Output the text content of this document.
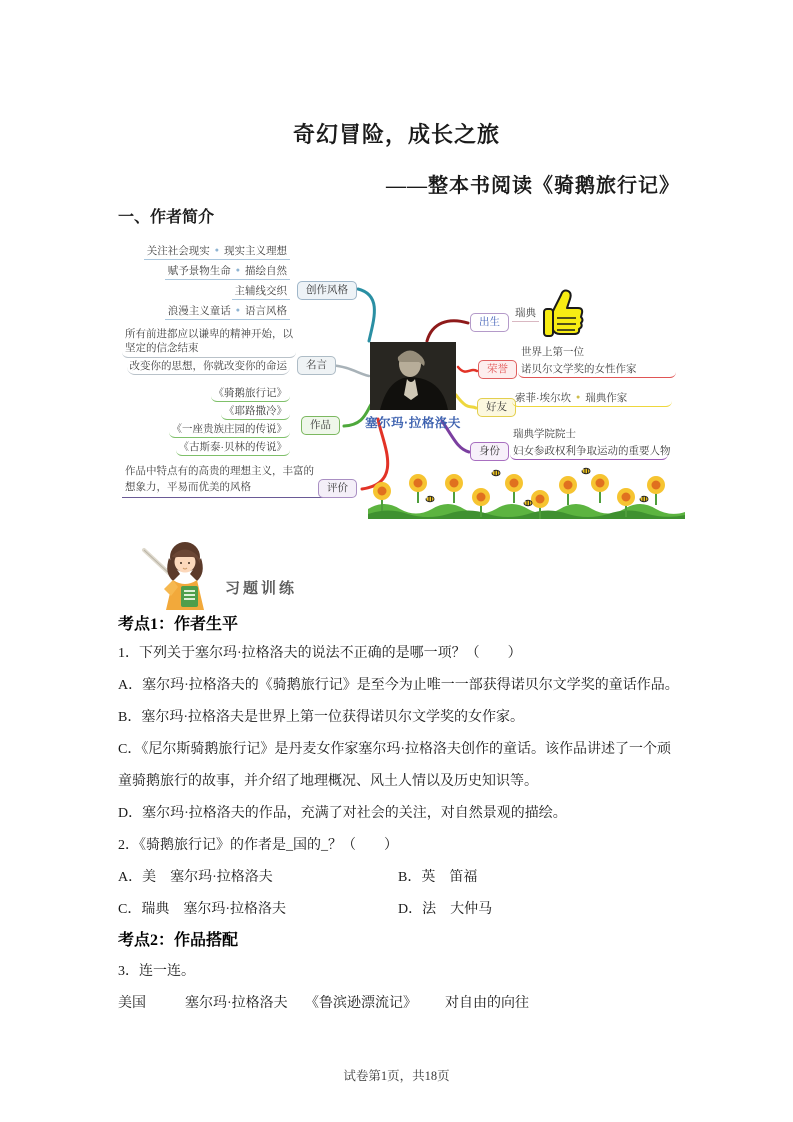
奇幻冒险，成长之旅
——整本书阅读《骑鹅旅行记》
一、作者简介
关注社会现实 ● 现实主义理想
赋予景物生命 ● 描绘自然
主辅线交织
浪漫主义童话 ● 语言风格
创作风格
所有前进都应以谦卑的精神开始，以坚定的信念结束
改变你的思想，你就改变你的命运	名言
《骑鹅旅行记》
《耶路撒冷》
《一座贵族庄园的传说》
《古斯泰·贝林的传说》
作品
作品中特点有的高贵的理想主义，丰富的想象力，平易而优美的风格	评价
塞尔玛·拉格洛夫
出生
瑞典
荣誉
世界上第一位
诺贝尔文学奖的女性作家
好友
索菲·埃尔坎 ● 瑞典作家
身份
瑞典学院院士
妇女参政权利争取运动的重要人物
习题训练
考点1：作者生平

1．下列关于塞尔玛·拉格洛夫的说法不正确的是哪一项？（　　）

A．塞尔玛·拉格洛夫的《骑鹅旅行记》是至今为止唯一一部获得诺贝尔文学奖的童话作品。

B．塞尔玛·拉格洛夫是世界上第一位获得诺贝尔文学奖的女作家。

C．《尼尔斯骑鹅旅行记》是丹麦女作家塞尔玛·拉格洛夫创作的童话。该作品讲述了一个顽童骑鹅旅行的故事，并介绍了地理概况、风土人情以及历史知识等。

D．塞尔玛·拉格洛夫的作品，充满了对社会的关注，对自然景观的描绘。

2．《骑鹅旅行记》的作者是_国的_？（　　）

A．美　塞尔玛·拉格洛夫	B．英　笛福

C．瑞典　塞尔玛·拉格洛夫	D．法　大仲马

考点2：作品搭配

3．连一连。

美国	塞尔玛·拉格洛夫 《鲁滨逊漂流记》 对自由的向往

试卷第1页，共18页
